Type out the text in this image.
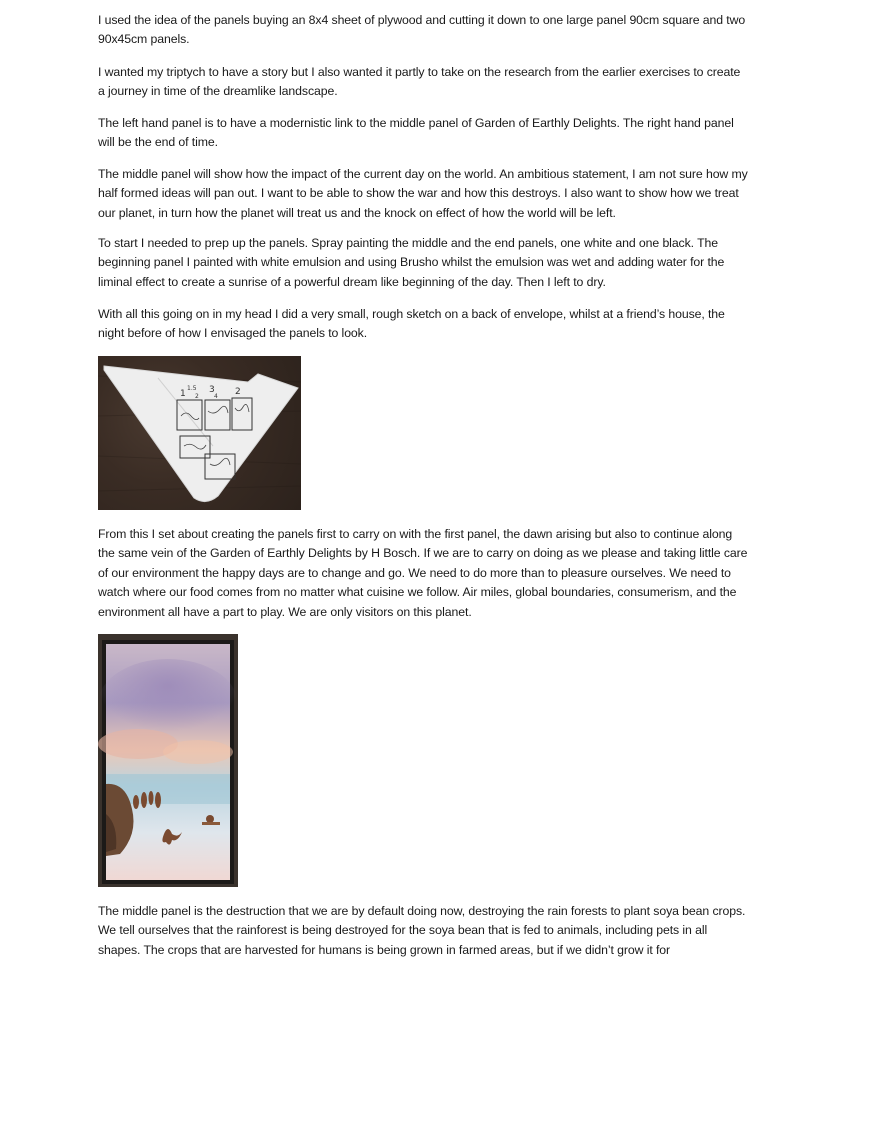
I used the idea of the panels buying an 8x4 sheet of plywood and cutting it down to one large panel 90cm square and two 90x45cm panels.

I wanted my triptych to have a story but I also wanted it partly to take on the research from the earlier exercises to create a journey in time of the dreamlike landscape.

The left hand panel is to have a modernistic link to the middle panel of Garden of Earthly Delights. The right hand panel will be the end of time.

The middle panel will show how the impact of the current day on the world. An ambitious statement, I am not sure how my half formed ideas will pan out. I want to be able to show the war and how this destroys. I also want to show how we treat our planet, in turn how the planet will treat us and the knock on effect of how the world will be left.

To start I needed to prep up the panels. Spray painting the middle and the end panels, one white and one black. The beginning panel I painted with white emulsion and using Brusho whilst the emulsion was wet and adding water for the liminal effect to create a sunrise of a powerful dream like beginning of the day. Then I left to dry.

With all this going on in my head I did a very small, rough sketch on a back of envelope, whilst at a friend’s house, the night before of how I envisaged the panels to look.

1
1.5 3 2
4
2

From this I set about creating the panels first to carry on with the first panel, the dawn arising but also to continue along the same vein of the Garden of Earthly Delights by H Bosch. If we are to carry on doing as we please and taking little care of our environment the happy days are to change and go. We need to do more than to pleasure ourselves. We need to watch where our food comes from no matter what cuisine we follow. Air miles, global boundaries, consumerism, and the environment all have a part to play. We are only visitors on this planet.

The middle panel is the destruction that we are by default doing now, destroying the rain forests to plant soya bean crops. We tell ourselves that the rainforest is being destroyed for the soya bean that is fed to animals, including pets in all shapes. The crops that are harvested for humans is being grown in farmed areas, but if we didn’t grow it for
